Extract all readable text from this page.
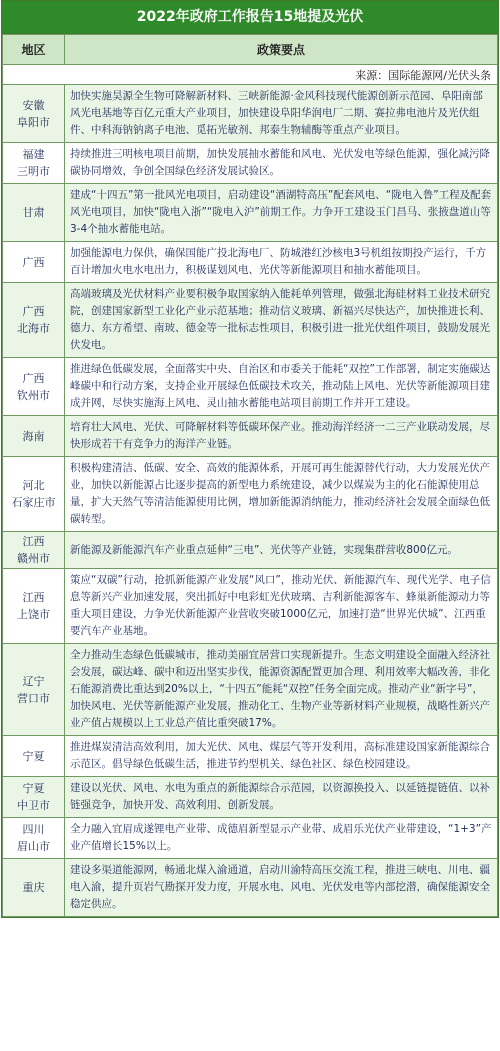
2022年政府工作报告15地提及光伏
地区	政策要点
来源：国际能源网/光伏头条	
安徽
阜阳市	加快实施昊源全生物可降解新材料、三峡新能源·金风科技现代能源创新示范园、阜阳南部风光电基地等百亿元重大产业项目，加快建设阜阳华润电厂二期、赛拉弗电池片及光伏组件、中科海钠钠离子电池、觅拓光敏剂、邦泰生物辅酶等重点产业项目。
福建
三明市	持续推进三明核电项目前期，加快发展抽水蓄能和风电、光伏发电等绿色能源，强化减污降碳协同增效，争创全国绿色经济发展试验区。
甘肃	建成“十四五”第一批风光电项目，启动建设“酒湖特高压”配套风电、“陇电入鲁”工程及配套风光电项目，加快“陇电入浙”“陇电入沪”前期工作。力争开工建设玉门昌马、张掖盘道山等3-4个抽水蓄能电站。
广西	加强能源电力保供，确保国能广投北海电厂、防城港红沙核电3号机组按期投产运行，千方百计增加火电水电出力，积极谋划风电、光伏等新能源项目和抽水蓄能项目。
广西
北海市	高端玻璃及光伏材料产业要积极争取国家纳入能耗单列管理，做强北海硅材料工业技术研究院，创建国家新型工业化产业示范基地；推动信义玻璃、新福兴尽快达产，加快推进长利、德力、东方希望、南玻、德金等一批标志性项目，积极引进一批光伏组件项目，鼓励发展光伏发电。
广西
钦州市	推进绿色低碳发展，全面落实中央、自治区和市委关于能耗“双控”工作部署，制定实施碳达峰碳中和行动方案，支持企业开展绿色低碳技术攻关，推动陆上风电、光伏等新能源项目建成并网，尽快实施海上风电、灵山抽水蓄能电站项目前期工作并开工建设。
海南	培育壮大风电、光伏、可降解材料等低碳环保产业。推动海洋经济一二三产业联动发展，尽快形成若干有竞争力的海洋产业链。
河北
石家庄市	积极构建清洁、低碳、安全、高效的能源体系，开展可再生能源替代行动，大力发展光伏产业，加快以新能源占比逐步提高的新型电力系统建设，减少以煤炭为主的化石能源使用总量，扩大天然气等清洁能源使用比例，增加新能源消纳能力，推动经济社会发展全面绿色低碳转型。
江西
赣州市	新能源及新能源汽车产业重点延伸“三电”、光伏等产业链，实现集群营收800亿元。
江西
上饶市	策应“双碳”行动，抢抓新能源产业发展“风口”，推动光伏、新能源汽车、现代光学、电子信息等新兴产业加速发展，突出抓好中电彩虹光伏玻璃、吉利新能源客车、蜂巢新能源动力等重大项目建设，力争光伏新能源产业营收突破1000亿元，加速打造“世界光伏城”、江西重要汽车产业基地。
辽宁
营口市	全力推动生态绿色低碳城市，推动美丽宜居营口实现新提升。生态文明建设全面融入经济社会发展，碳达峰、碳中和迈出坚实步伐，能源资源配置更加合理、利用效率大幅改善，非化石能源消费比重达到20%以上，“十四五”能耗“双控”任务全面完成。推动产业“新字号”，加快风电、光伏等新能源产业发展，推动化工、生物产业等新材料产业规模，战略性新兴产业产值占规模以上工业总产值比重突破17%。
宁夏	推进煤炭清洁高效利用，加大光伏、风电、煤层气等开发利用，高标准建设国家新能源综合示范区。倡导绿色低碳生活，推进节约型机关、绿色社区、绿色校园建设。
宁夏
中卫市	建设以光伏、风电、水电为重点的新能源综合示范园，以资源换投入、以延链提链值、以补链强竞争，加快开发、高效利用、创新发展。
四川
眉山市	全力融入宜眉成遂锂电产业带、成德眉新型显示产业带、成眉乐光伏产业带建设，“1+3”产业产值增长15%以上。
重庆	建设多渠道能源网，畅通北煤入渝通道，启动川渝特高压交流工程，推进三峡电、川电、疆电入渝，提升页岩气勘探开发力度，开展水电、风电、光伏发电等内部挖潜，确保能源安全稳定供应。
